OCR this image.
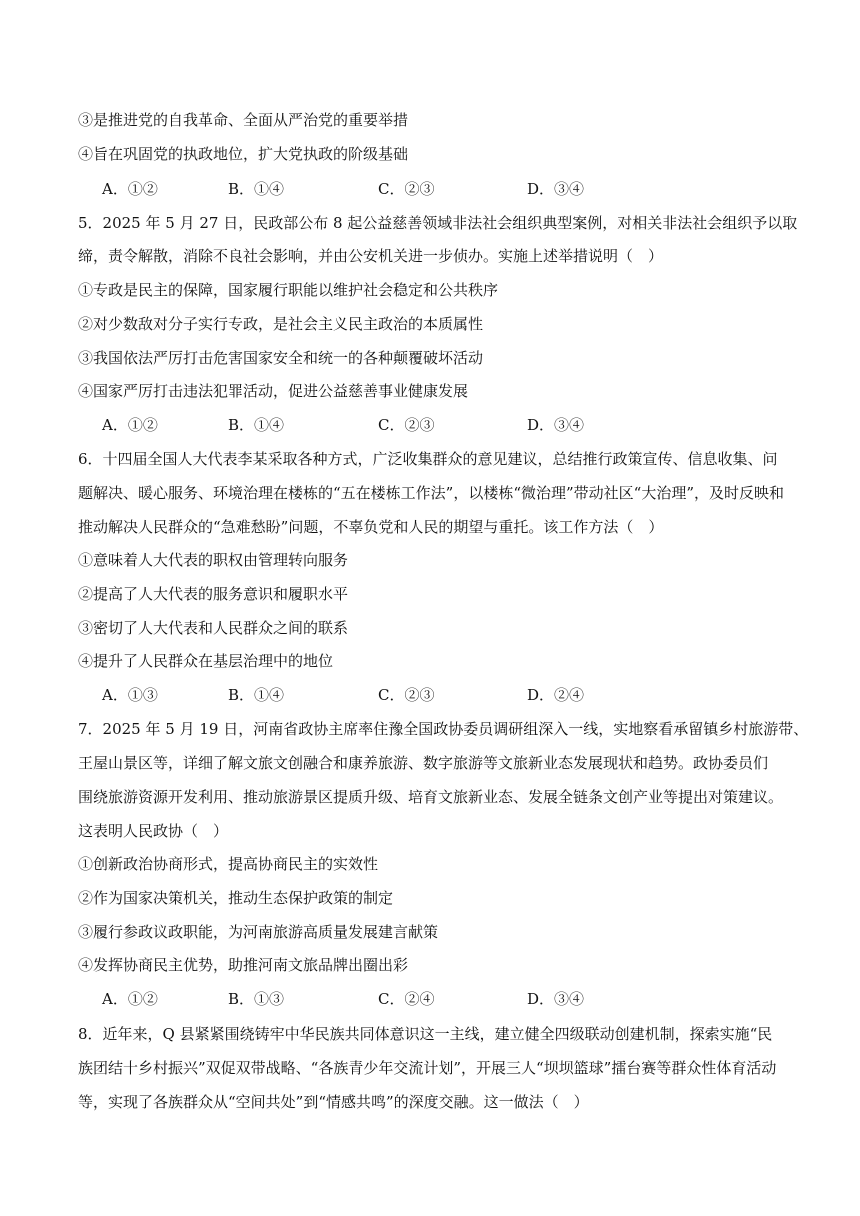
③是推进党的自我革命、全面从严治党的重要举措
④旨在巩固党的执政地位，扩大党执政的阶级基础
A．①②	B．①④	C．②③	D．③④
5．2025 年 5 月 27 日，民政部公布 8 起公益慈善领域非法社会组织典型案例，对相关非法社会组织予以取
缔，责令解散，消除不良社会影响，并由公安机关进一步侦办。实施上述举措说明（　）
①专政是民主的保障，国家履行职能以维护社会稳定和公共秩序
②对少数敌对分子实行专政，是社会主义民主政治的本质属性
③我国依法严厉打击危害国家安全和统一的各种颠覆破坏活动
④国家严厉打击违法犯罪活动，促进公益慈善事业健康发展
A．①②	B．①④	C．②③	D．③④
6．十四届全国人大代表李某采取各种方式，广泛收集群众的意见建议，总结推行政策宣传、信息收集、问
题解决、暖心服务、环境治理在楼栋的“五在楼栋工作法”，以楼栋“微治理”带动社区“大治理”，及时反映和
推动解决人民群众的“急难愁盼”问题，不辜负党和人民的期望与重托。该工作方法（　）
①意味着人大代表的职权由管理转向服务
②提高了人大代表的服务意识和履职水平
③密切了人大代表和人民群众之间的联系
④提升了人民群众在基层治理中的地位
A．①③	B．①④	C．②③	D．②④
7．2025 年 5 月 19 日，河南省政协主席率住豫全国政协委员调研组深入一线，实地察看承留镇乡村旅游带、
王屋山景区等，详细了解文旅文创融合和康养旅游、数字旅游等文旅新业态发展现状和趋势。政协委员们
围绕旅游资源开发利用、推动旅游景区提质升级、培育文旅新业态、发展全链条文创产业等提出对策建议。
这表明人民政协（　）
①创新政治协商形式，提高协商民主的实效性
②作为国家决策机关，推动生态保护政策的制定
③履行参政议政职能，为河南旅游高质量发展建言献策
④发挥协商民主优势，助推河南文旅品牌出圈出彩
A．①②	B．①③	C．②④	D．③④
8．近年来，Q 县紧紧围绕铸牢中华民族共同体意识这一主线，建立健全四级联动创建机制，探索实施“民
族团结十乡村振兴”双促双带战略、“各族青少年交流计划”，开展三人“坝坝篮球”擂台赛等群众性体育活动
等，实现了各族群众从“空间共处”到“情感共鸣”的深度交融。这一做法（　）
